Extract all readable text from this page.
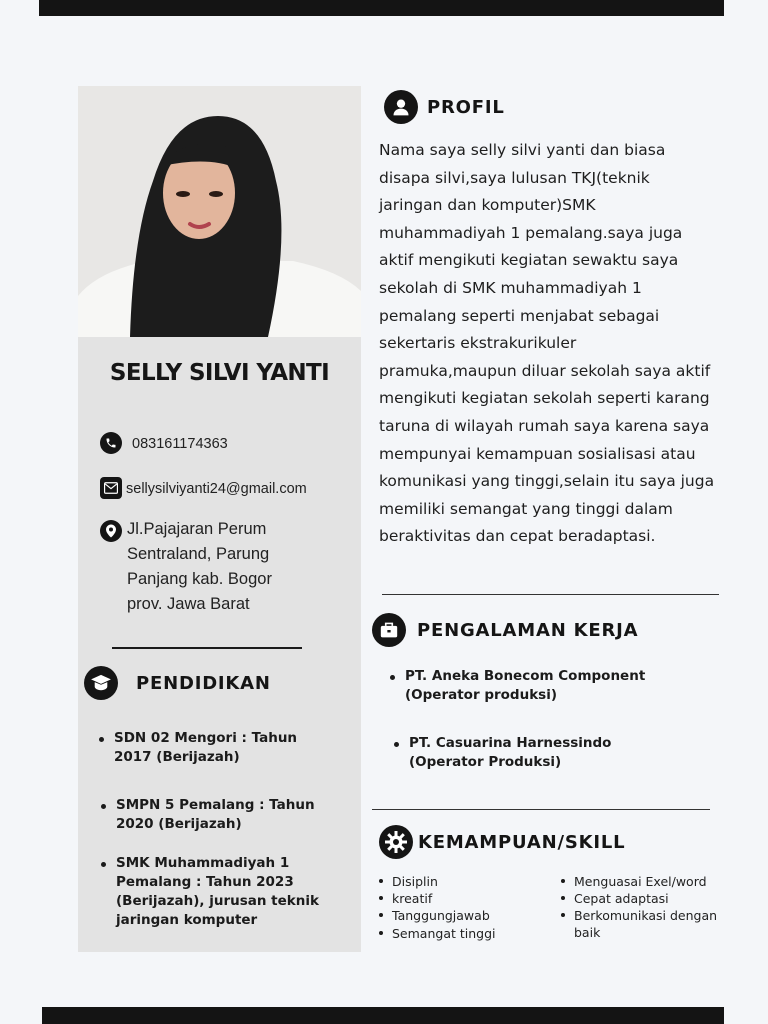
SELLY SILVI YANTI
083161174363
sellysilviyanti24@gmail.com
Jl.Pajajaran Perum
Sentraland, Parung
Panjang kab. Bogor
prov. Jawa Barat
PENDIDIKAN
SDN 02 Mengori : Tahun
2017 (Berijazah)
SMPN 5 Pemalang : Tahun
2020 (Berijazah)
SMK Muhammadiyah 1
Pemalang : Tahun 2023
(Berijazah), jurusan teknik
jaringan komputer
PROFIL
Nama saya selly silvi yanti dan biasa
disapa silvi,saya lulusan TKJ(teknik
jaringan dan komputer)SMK
muhammadiyah 1 pemalang.saya juga
aktif mengikuti kegiatan sewaktu saya
sekolah di SMK muhammadiyah 1
pemalang seperti menjabat sebagai
sekertaris ekstrakurikuler
pramuka,maupun diluar sekolah saya aktif
mengikuti kegiatan sekolah seperti karang
taruna di wilayah rumah saya karena saya
mempunyai kemampuan sosialisasi atau
komunikasi yang tinggi,selain itu saya juga
memiliki semangat yang tinggi dalam
beraktivitas dan cepat beradaptasi.
PENGALAMAN KERJA
PT. Aneka Bonecom Component
(Operator produksi)
PT. Casuarina Harnessindo
(Operator Produksi)
KEMAMPUAN/SKILL
Disiplin
kreatif
Tanggungjawab
Semangat tinggi
Menguasai Exel/word
Cepat adaptasi
Berkomunikasi dengan
baik
